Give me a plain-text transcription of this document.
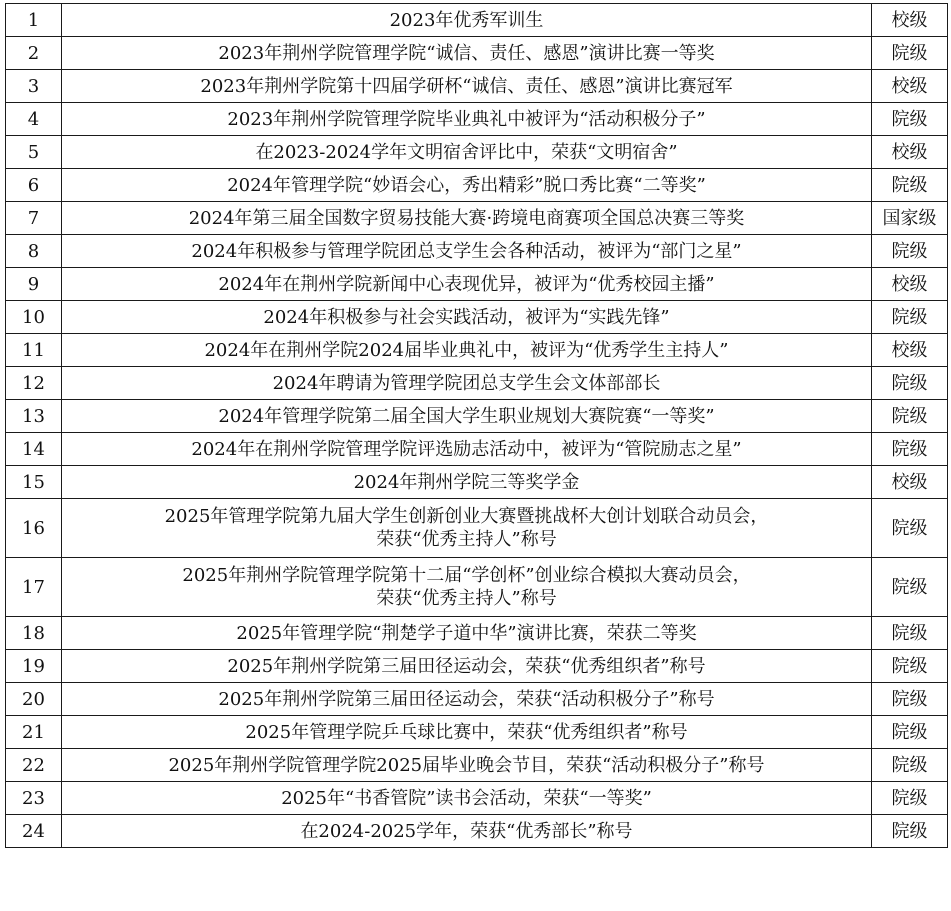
1	2023年优秀军训生	校级
2	2023年荆州学院管理学院“诚信、责任、感恩”演讲比赛一等奖	院级
3	2023年荆州学院第十四届学研杯“诚信、责任、感恩”演讲比赛冠军	校级
4	2023年荆州学院管理学院毕业典礼中被评为“活动积极分子”	院级
5	在2023-2024学年文明宿舍评比中，荣获“文明宿舍”	校级
6	2024年管理学院“妙语会心，秀出精彩”脱口秀比赛“二等奖”	院级
7	2024年第三届全国数字贸易技能大赛·跨境电商赛项全国总决赛三等奖	国家级
8	2024年积极参与管理学院团总支学生会各种活动，被评为“部门之星”	院级
9	2024年在荆州学院新闻中心表现优异，被评为“优秀校园主播”	校级
10	2024年积极参与社会实践活动，被评为“实践先锋”	院级
11	2024年在荆州学院2024届毕业典礼中，被评为“优秀学生主持人”	校级
12	2024年聘请为管理学院团总支学生会文体部部长	院级
13	2024年管理学院第二届全国大学生职业规划大赛院赛“一等奖”	院级
14	2024年在荆州学院管理学院评选励志活动中，被评为“管院励志之星”	院级
15	2024年荆州学院三等奖学金	校级
16	2025年管理学院第九届大学生创新创业大赛暨挑战杯大创计划联合动员会，
荣获“优秀主持人”称号	院级
17	2025年荆州学院管理学院第十二届“学创杯”创业综合模拟大赛动员会，
荣获“优秀主持人”称号	院级
18	2025年管理学院“荆楚学子道中华”演讲比赛，荣获二等奖	院级
19	2025年荆州学院第三届田径运动会，荣获“优秀组织者”称号	院级
20	2025年荆州学院第三届田径运动会，荣获“活动积极分子”称号	院级
21	2025年管理学院乒乓球比赛中，荣获“优秀组织者”称号	院级
22	2025年荆州学院管理学院2025届毕业晚会节目，荣获“活动积极分子”称号	院级
23	2025年“书香管院”读书会活动，荣获“一等奖”	院级
24	在2024-2025学年，荣获“优秀部长”称号	院级
